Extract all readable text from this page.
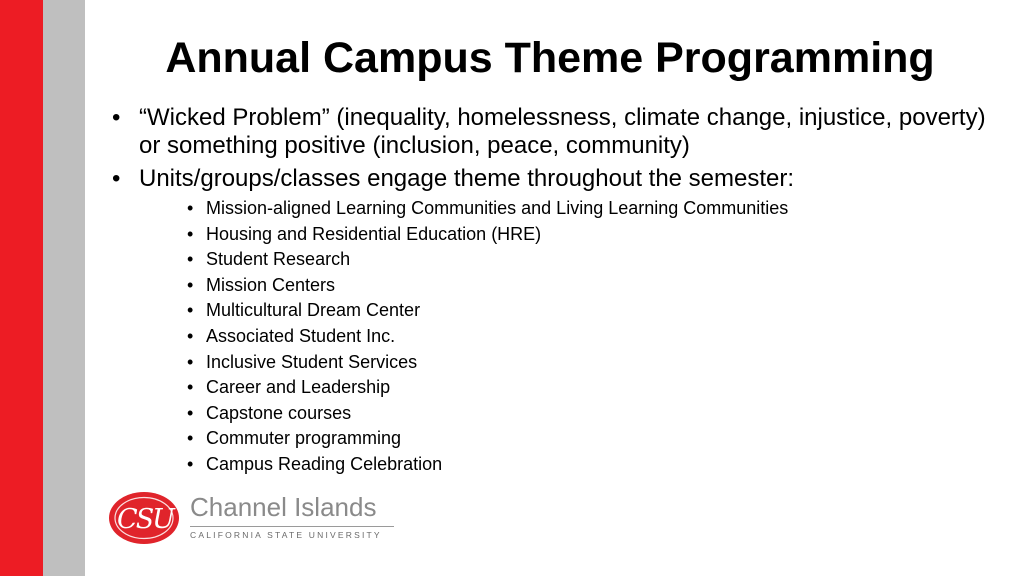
Annual Campus Theme Programming
• “Wicked Problem” (inequality, homelessness, climate change, injustice, poverty) or something positive (inclusion, peace, community)
• Units/groups/classes engage theme throughout the semester:
• Mission-aligned Learning Communities and Living Learning Communities
• Housing and Residential Education (HRE)
• Student Research
• Mission Centers
• Multicultural Dream Center
• Associated Student Inc.
• Inclusive Student Services
• Career and Leadership
• Capstone courses
• Commuter programming
• Campus Reading Celebration
CSU Channel Islands
CALIFORNIA STATE UNIVERSITY
